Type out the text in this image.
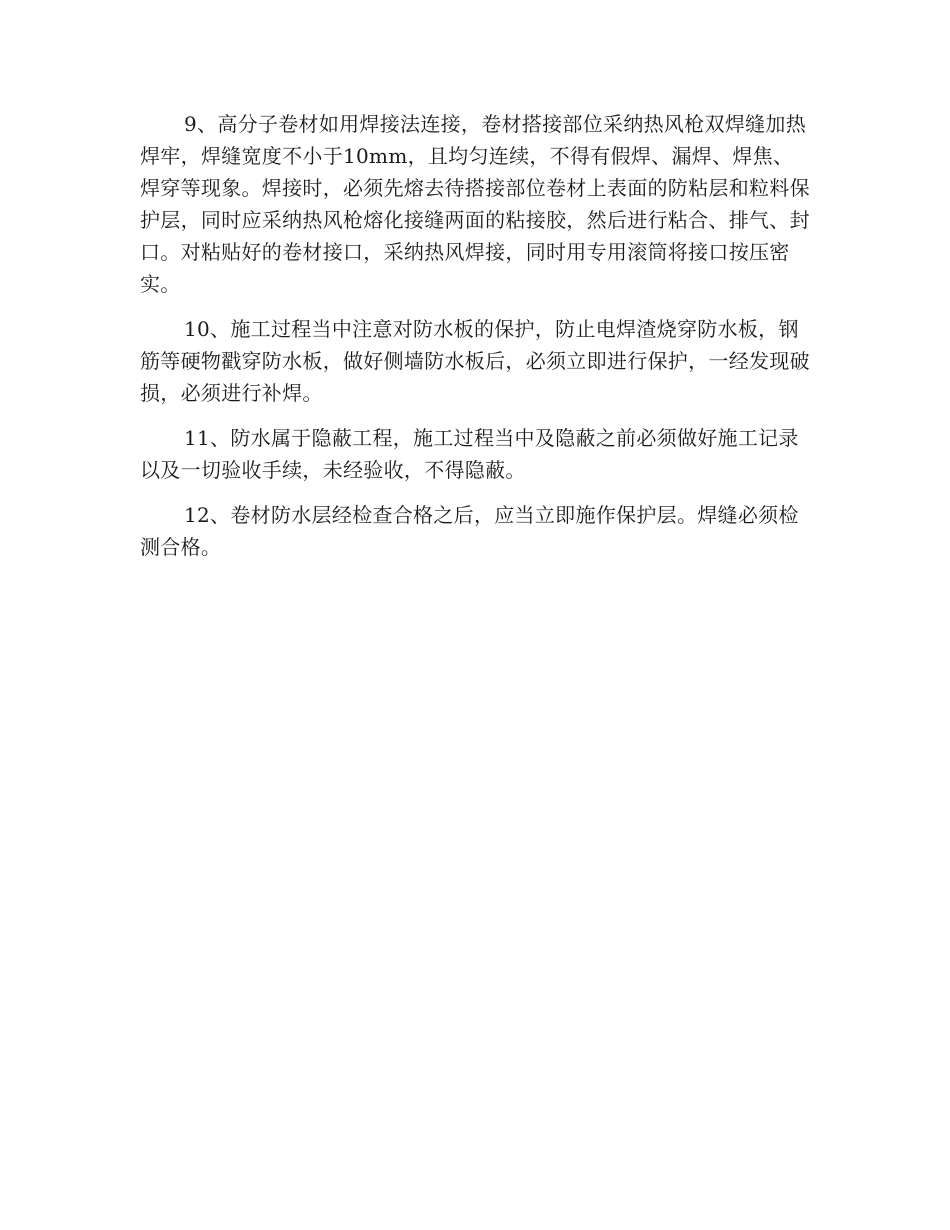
9、高分子卷材如用焊接法连接，卷材搭接部位采纳热风枪双焊缝加热焊牢，焊缝宽度不小于10mm，且均匀连续，不得有假焊、漏焊、焊焦、焊穿等现象。焊接时，必须先熔去待搭接部位卷材上表面的防粘层和粒料保护层，同时应采纳热风枪熔化接缝两面的粘接胶，然后进行粘合、排气、封口。对粘贴好的卷材接口，采纳热风焊接，同时用专用滚筒将接口按压密实。

10、施工过程当中注意对防水板的保护，防止电焊渣烧穿防水板，钢筋等硬物戳穿防水板，做好侧墙防水板后，必须立即进行保护，一经发现破损，必须进行补焊。

11、防水属于隐蔽工程，施工过程当中及隐蔽之前必须做好施工记录以及一切验收手续，未经验收，不得隐蔽。

12、卷材防水层经检查合格之后，应当立即施作保护层。焊缝必须检测合格。
